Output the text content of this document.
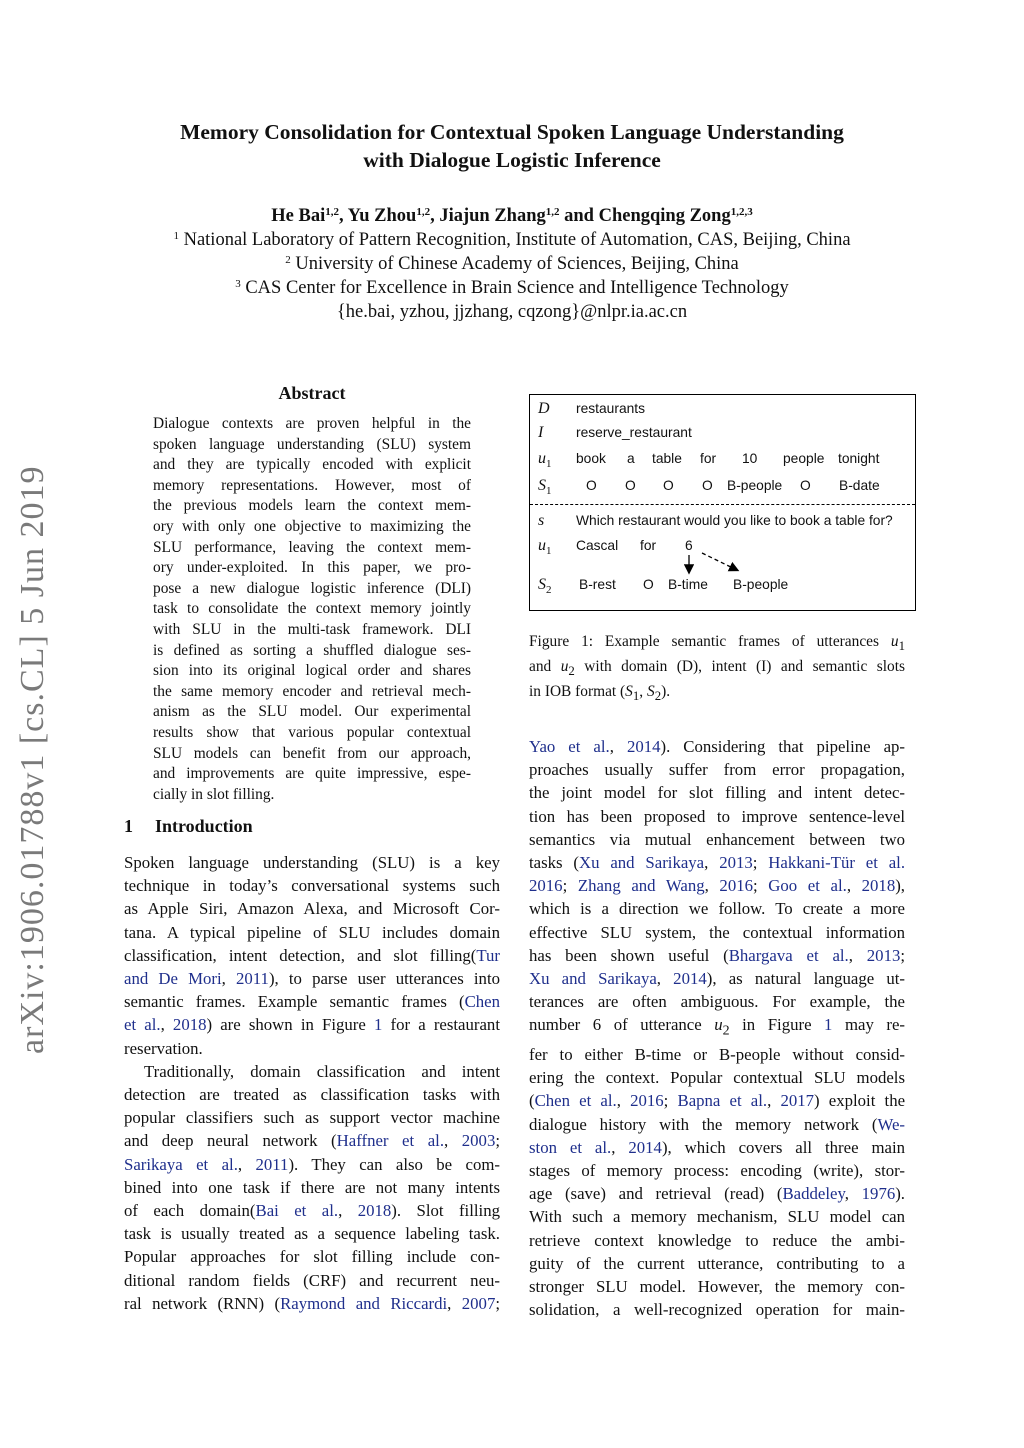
Memory Consolidation for Contextual Spoken Language Understanding
with Dialogue Logistic Inference
He Bai$^{1,2}$, Yu Zhou$^{1,2}$, Jiajun Zhang$^{1,2}$ and Chengqing Zong$^{1,2,3}$
$^1$ National Laboratory of Pattern Recognition, Institute of Automation, CAS, Beijing, China
$^2$ University of Chinese Academy of Sciences, Beijing, China
$^3$ CAS Center for Excellence in Brain Science and Intelligence Technology
{he.bai, yzhou, jjzhang, cqzong}@nlpr.ia.ac.cn
arXiv:1906.01788v1 [cs.CL] 5 Jun 2019
Abstract

Dialogue contexts are proven helpful in the

spoken language understanding (SLU) system

and they are typically encoded with explicit

memory representations. However, most of

the previous models learn the context mem-

ory with only one objective to maximizing the

SLU performance, leaving the context mem-

ory under-exploited. In this paper, we pro-

pose a new dialogue logistic inference (DLI)

task to consolidate the context memory jointly

with SLU in the multi-task framework. DLI

is defined as sorting a shuffled dialogue ses-

sion into its original logical order and shares

the same memory encoder and retrieval mech-

anism as the SLU model. Our experimental

results show that various popular contextual

SLU models can benefit from our approach,

and improvements are quite impressive, espe-

cially in slot filling.

1 Introduction

Spoken language understanding (SLU) is a key

technique in today’s conversational systems such

as Apple Siri, Amazon Alexa, and Microsoft Cor-

tana. A typical pipeline of SLU includes domain

classification, intent detection, and slot filling(Tur

and De Mori, 2011), to parse user utterances into

semantic frames. Example semantic frames (Chen

et al., 2018) are shown in Figure 1 for a restaurant

reservation.

Traditionally, domain classification and intent

detection are treated as classification tasks with

popular classifiers such as support vector machine

and deep neural network (Haffner et al., 2003;

Sarikaya et al., 2011). They can also be com-

bined into one task if there are not many intents

of each domain(Bai et al., 2018). Slot filling

task is usually treated as a sequence labeling task.

Popular approaches for slot filling include con-

ditional random fields (CRF) and recurrent neu-

ral network (RNN) (Raymond and Riccardi, 2007;

D restaurants
I reserve_restaurant
$u_1$ book a table for 10 people tonight
$S_1$	O O O O B-people O B-date
s Which restaurant would you like to book a table for?
$u_1$ Cascal for 6
$S_2$ B-rest O B-time B-people

Figure 1: Example semantic frames of utterances $u_1$

and $u_2$ with domain (D), intent (I) and semantic slots

in IOB format ($S_1$, $S_2$).

Yao et al., 2014). Considering that pipeline ap-

proaches usually suffer from error propagation,

the joint model for slot filling and intent detec-

tion has been proposed to improve sentence-level

semantics via mutual enhancement between two

tasks (Xu and Sarikaya, 2013; Hakkani-Tür et al.

2016; Zhang and Wang, 2016; Goo et al., 2018),

which is a direction we follow. To create a more

effective SLU system, the contextual information

has been shown useful (Bhargava et al., 2013;

Xu and Sarikaya, 2014), as natural language ut-

terances are often ambiguous. For example, the

number 6 of utterance $u_2$ in Figure 1 may re-

fer to either B-time or B-people without consid-

ering the context. Popular contextual SLU models

(Chen et al., 2016; Bapna et al., 2017) exploit the

dialogue history with the memory network (We-

ston et al., 2014), which covers all three main

stages of memory process: encoding (write), stor-

age (save) and retrieval (read) (Baddeley, 1976).

With such a memory mechanism, SLU model can

retrieve context knowledge to reduce the ambi-

guity of the current utterance, contributing to a

stronger SLU model. However, the memory con-

solidation, a well-recognized operation for main-
